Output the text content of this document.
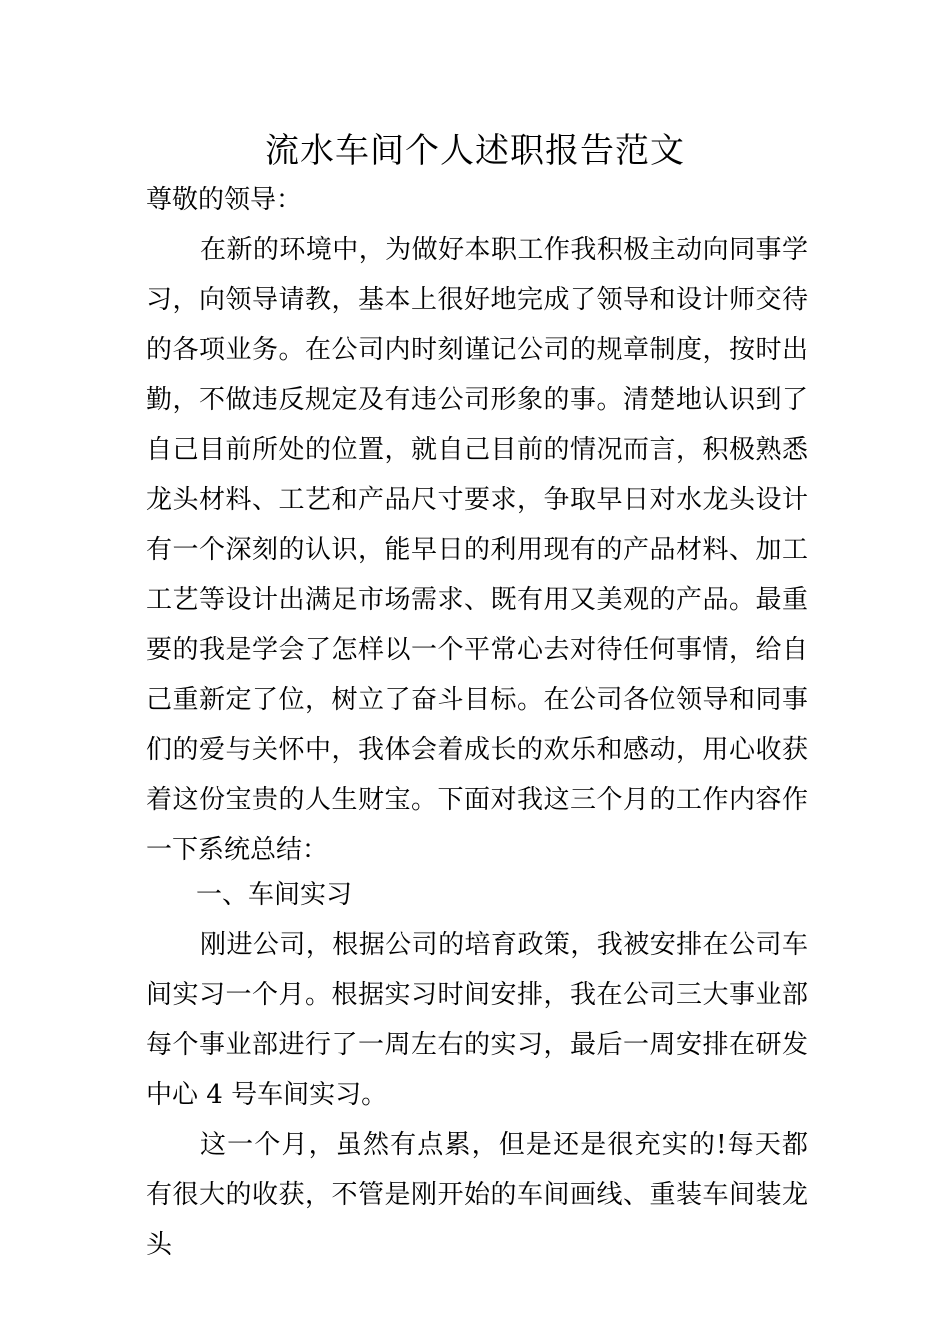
流水车间个人述职报告范文

尊敬的领导：

在新的环境中，为做好本职工作我积极主动向同事学习，向领导请教，基本上很好地完成了领导和设计师交待的各项业务。在公司内时刻谨记公司的规章制度，按时出勤，不做违反规定及有违公司形象的事。清楚地认识到了自己目前所处的位置，就自己目前的情况而言，积极熟悉龙头材料、工艺和产品尺寸要求，争取早日对水龙头设计有一个深刻的认识，能早日的利用现有的产品材料、加工工艺等设计出满足市场需求、既有用又美观的产品。最重要的我是学会了怎样以一个平常心去对待任何事情，给自己重新定了位，树立了奋斗目标。在公司各位领导和同事们的爱与关怀中，我体会着成长的欢乐和感动，用心收获着这份宝贵的人生财宝。下面对我这三个月的工作内容作一下系统总结：

一、车间实习

刚进公司，根据公司的培育政策，我被安排在公司车间实习一个月。根据实习时间安排，我在公司三大事业部每个事业部进行了一周左右的实习，最后一周安排在研发中心 4 号车间实习。

这一个月，虽然有点累，但是还是很充实的!每天都有很大的收获，不管是刚开始的车间画线、重装车间装龙头
